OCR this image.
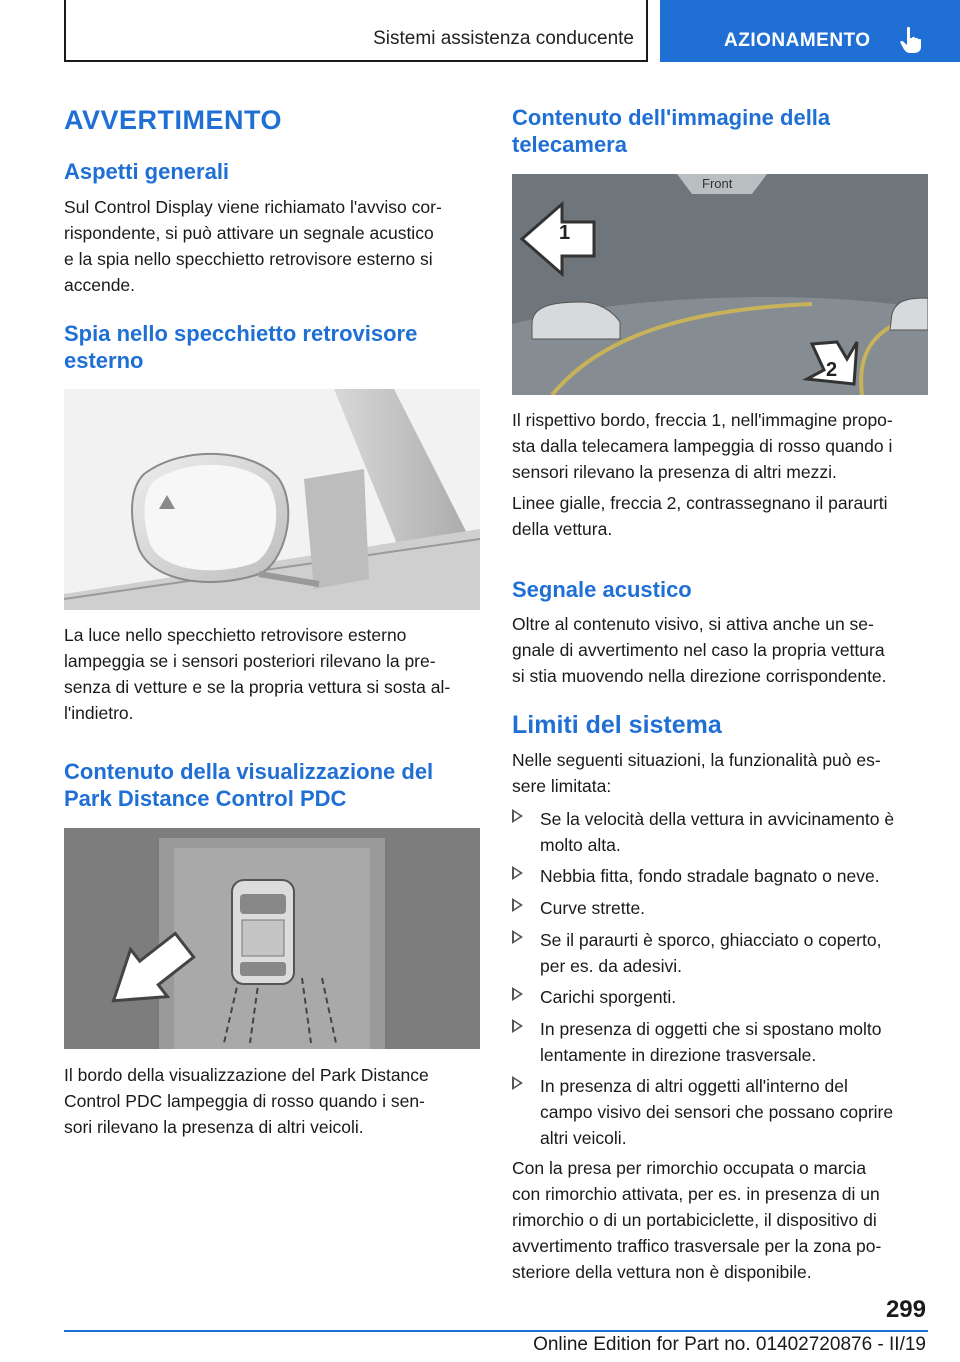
Sistemi assistenza conducente	AZIONAMENTO
AVVERTIMENTO
Aspetti generali
Sul Control Display viene richiamato l'avviso cor-
rispondente, si può attivare un segnale acustico
e la spia nello specchietto retrovisore esterno si
accende.
Spia nello specchietto retrovisore
esterno
La luce nello specchietto retrovisore esterno
lampeggia se i sensori posteriori rilevano la pre-
senza di vetture e se la propria vettura si sosta al-
l'indietro.
Contenuto della visualizzazione del
Park Distance Control PDC
Il bordo della visualizzazione del Park Distance
Control PDC lampeggia di rosso quando i sen-
sori rilevano la presenza di altri veicoli.
Contenuto dell'immagine della
telecamera
Front
1
2
Il rispettivo bordo, freccia 1, nell'immagine propo-
sta dalla telecamera lampeggia di rosso quando i
sensori rilevano la presenza di altri mezzi.
Linee gialle, freccia 2, contrassegnano il paraurti
della vettura.
Segnale acustico
Oltre al contenuto visivo, si attiva anche un se-
gnale di avvertimento nel caso la propria vettura
si stia muovendo nella direzione corrispondente.
Limiti del sistema
Nelle seguenti situazioni, la funzionalità può es-
sere limitata:
Se la velocità della vettura in avvicinamento è
molto alta.
Nebbia fitta, fondo stradale bagnato o neve.
Curve strette.
Se il paraurti è sporco, ghiacciato o coperto,
per es. da adesivi.
Carichi sporgenti.
In presenza di oggetti che si spostano molto
lentamente in direzione trasversale.
In presenza di altri oggetti all'interno del
campo visivo dei sensori che possano coprire
altri veicoli.
Con la presa per rimorchio occupata o marcia
con rimorchio attivata, per es. in presenza di un
rimorchio o di un portabiciclette, il dispositivo di
avvertimento traffico trasversale per la zona po-
steriore della vettura non è disponibile.
299
Online Edition for Part no. 01402720876 - II/19
